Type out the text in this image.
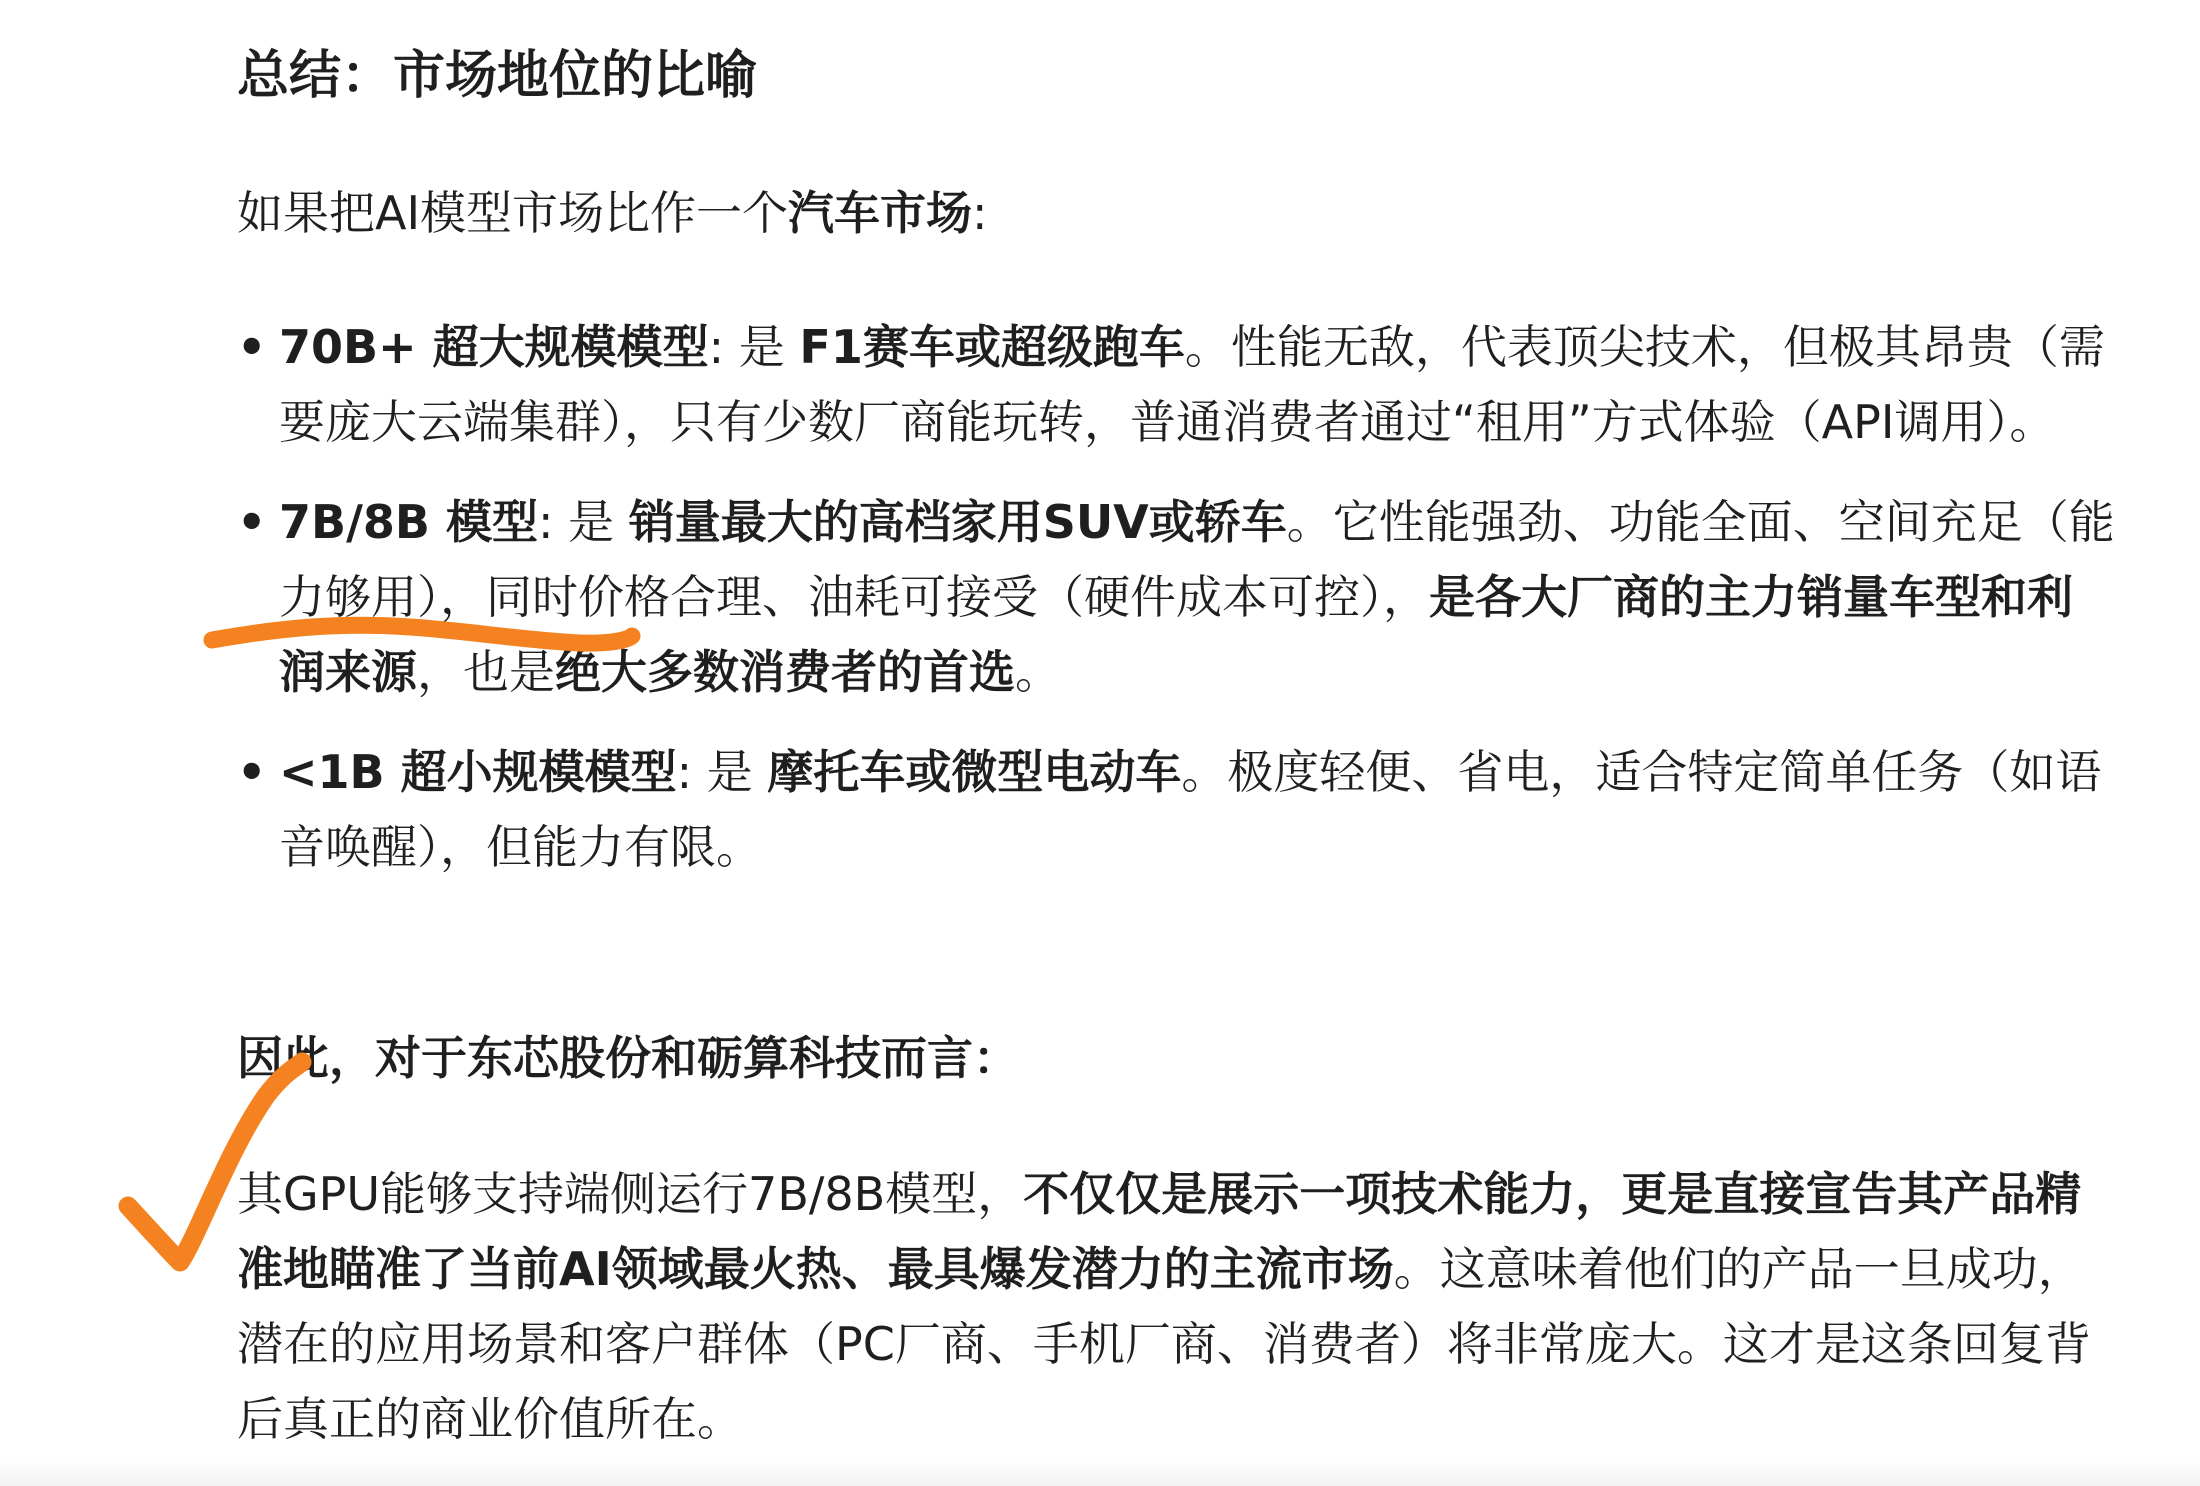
总结：市场地位的比喻

如果把AI模型市场比作一个汽车市场:

• 70B+ 超大规模模型: 是 F1赛车或超级跑车。性能无敌，代表顶尖技术，但极其昂贵（需要庞大云端集群），只有少数厂商能玩转，普通消费者通过“租用”方式体验（API调用）。
• 7B/8B 模型: 是 销量最大的高档家用SUV或轿车。它性能强劲、功能全面、空间充足（能力够用），同时价格合理、油耗可接受（硬件成本可控），是各大厂商的主力销量车型和利润来源，也是绝大多数消费者的首选。
• <1B 超小规模模型: 是 摩托车或微型电动车。极度轻便、省电，适合特定简单任务（如语音唤醒），但能力有限。
因此，对于东芯股份和砺算科技而言：

其GPU能够支持端侧运行7B/8B模型，不仅仅是展示一项技术能力，更是直接宣告其产品精准地瞄准了当前AI领域最火热、最具爆发潜力的主流市场。这意味着他们的产品一旦成功，潜在的应用场景和客户群体（PC厂商、手机厂商、消费者）将非常庞大。这才是这条回复背后真正的商业价值所在。
